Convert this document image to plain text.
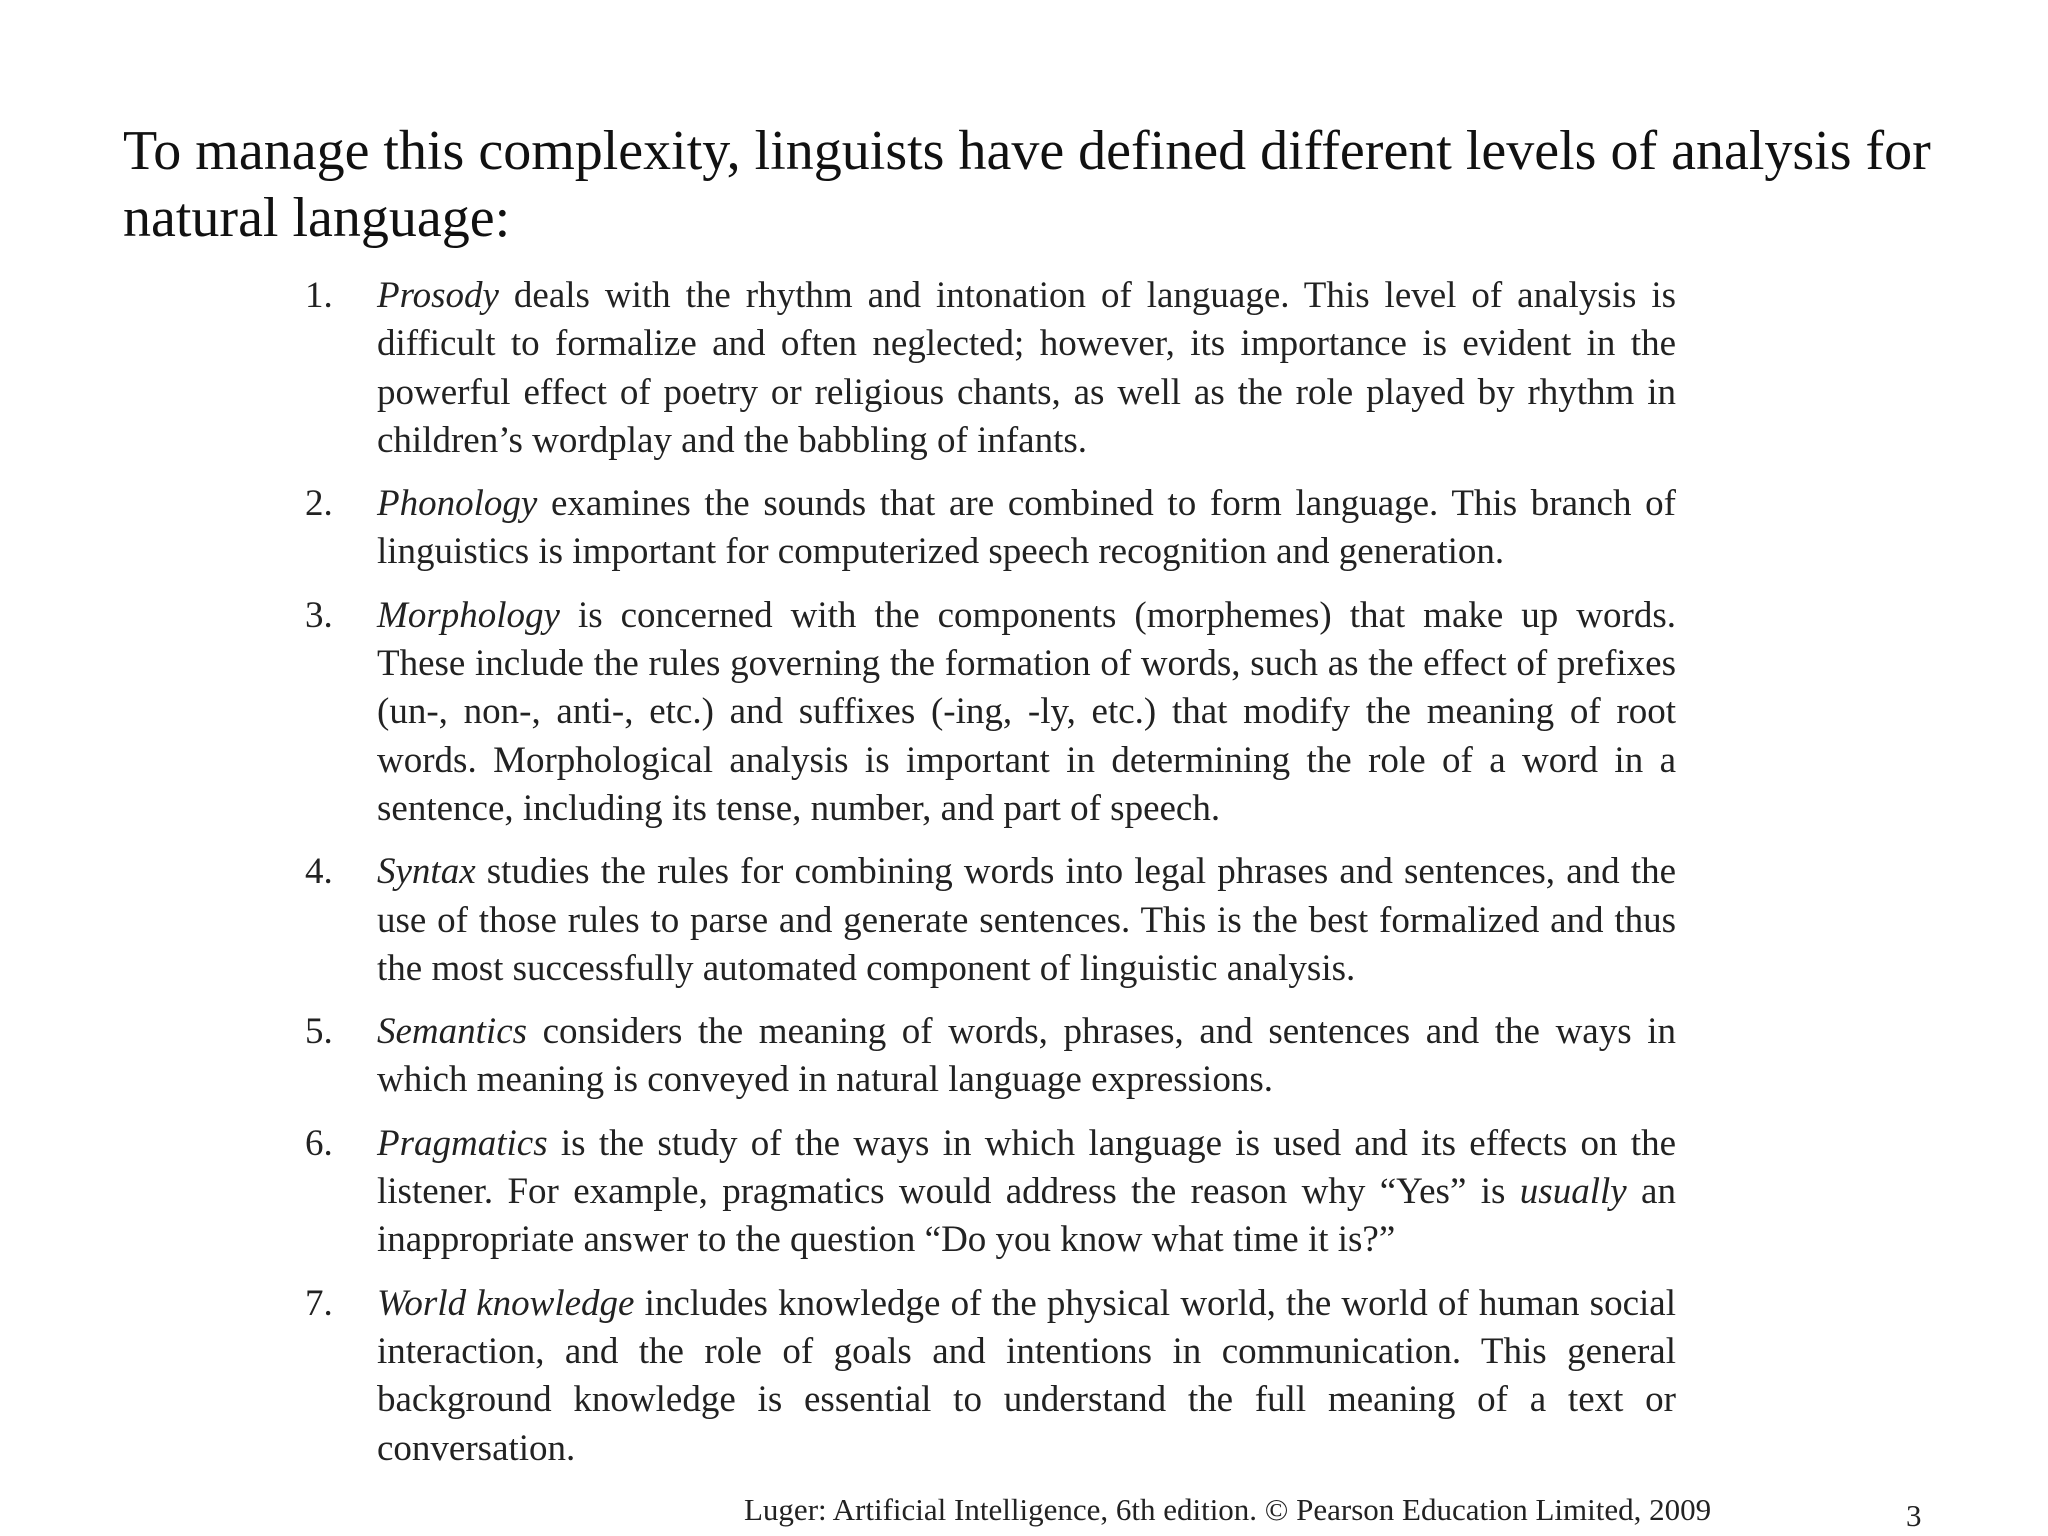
To manage this complexity, linguists have defined different levels of analysis for natural language:
1. Prosody deals with the rhythm and intonation of language. This level of analysis is difficult to formalize and often neglected; however, its importance is evident in the powerful effect of poetry or religious chants, as well as the role played by rhythm in children’s wordplay and the babbling of infants.
2. Phonology examines the sounds that are combined to form language. This branch of linguistics is important for computerized speech recognition and generation.
3. Morphology is concerned with the components (morphemes) that make up words. These include the rules governing the formation of words, such as the effect of prefixes (un-, non-, anti-, etc.) and suffixes (-ing, -ly, etc.) that modify the meaning of root words. Morphological analysis is important in determining the role of a word in a sentence, including its tense, number, and part of speech.
4. Syntax studies the rules for combining words into legal phrases and sentences, and the use of those rules to parse and generate sentences. This is the best formalized and thus the most successfully automated component of linguistic analysis.
5. Semantics considers the meaning of words, phrases, and sentences and the ways in which meaning is conveyed in natural language expressions.
6. Pragmatics is the study of the ways in which language is used and its effects on the listener. For example, pragmatics would address the reason why “Yes” is usually an inappropriate answer to the question “Do you know what time it is?”
7. World knowledge includes knowledge of the physical world, the world of human social interaction, and the role of goals and intentions in communication. This general background knowledge is essential to understand the full meaning of a text or conversation.
Luger: Artificial Intelligence, 6th edition. © Pearson Education Limited, 2009	3
